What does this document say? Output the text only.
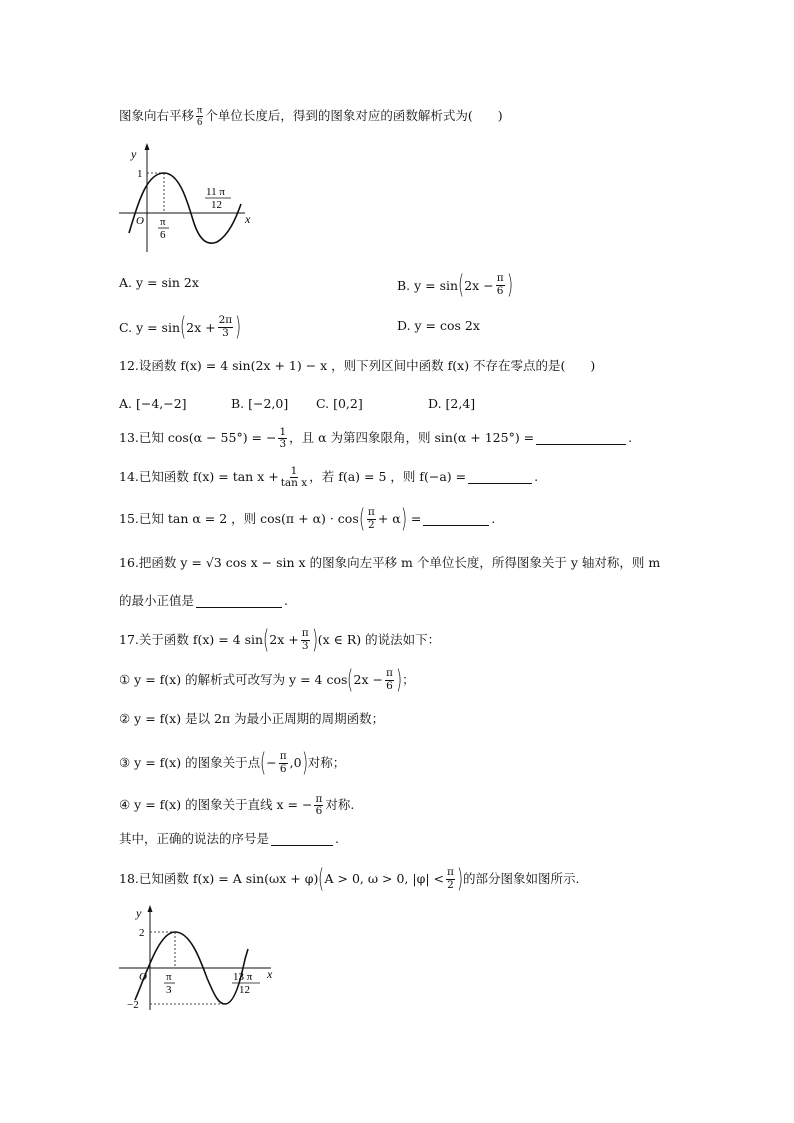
图象向右平移 $\frac{\pi}{6}$ 个单位长度后，得到的图象对应的函数解析式为(　　)
y
x
O
1
π
6
11 π
12
A. y = sin 2x	B. y = sin ( $2x - \frac{\pi}{6}$ )
C. y = sin ( $2x + \frac{2\pi}{3}$ )	D. y = cos 2x
12.设函数 f(x) = 4 sin(2x + 1) − x ，则下列区间中函数 f(x) 不存在零点的是(　　)
A. [−4,−2]	B. [−2,0] C. [0,2]	D. [2,4]
13.已知 cos(α − 55°) = − $\frac{1}{3}$ ，且 α 为第四象限角，则 sin(α + 125°) =	.
14.已知函数 $f(x) = \tan x + \frac{1}{\text{tan x}}$ ，若 f(a) = 5 ，则 f(−a) =	.
15.已知 tan α = 2 ，则 cos(π + α) · cos ( $\frac{\pi}{2} + \alpha$ ) =	.
16.把函数 y = √3 cos x − sin x 的图象向左平移 m 个单位长度，所得图象关于 y 轴对称，则 m
的最小正值是	.
17.关于函数 f(x) = 4 sin ( $2x + \frac{\pi}{3}$ ) (x ∈ R) 的说法如下：
① y = f(x) 的解析式可改写为 y = 4 cos ( $2x - \frac{\pi}{6}$ ) ；
② y = f(x) 是以 2π 为最小正周期的周期函数；
③ y = f(x) 的图象关于点 ( − $\frac{\pi}{6} ,0$ ) 对称；
④ y = f(x) 的图象关于直线 x = − $\frac{\pi}{6}$ 对称.
其中，正确的说法的序号是	.
18.已知函数 f(x) = A sin(ωx + φ) ( A > 0, ω > 0, $|\varphi| < \frac{\pi}{2}$ ) 的部分图象如图所示.
y
x
O
2
−2
π
3
13 π
12
